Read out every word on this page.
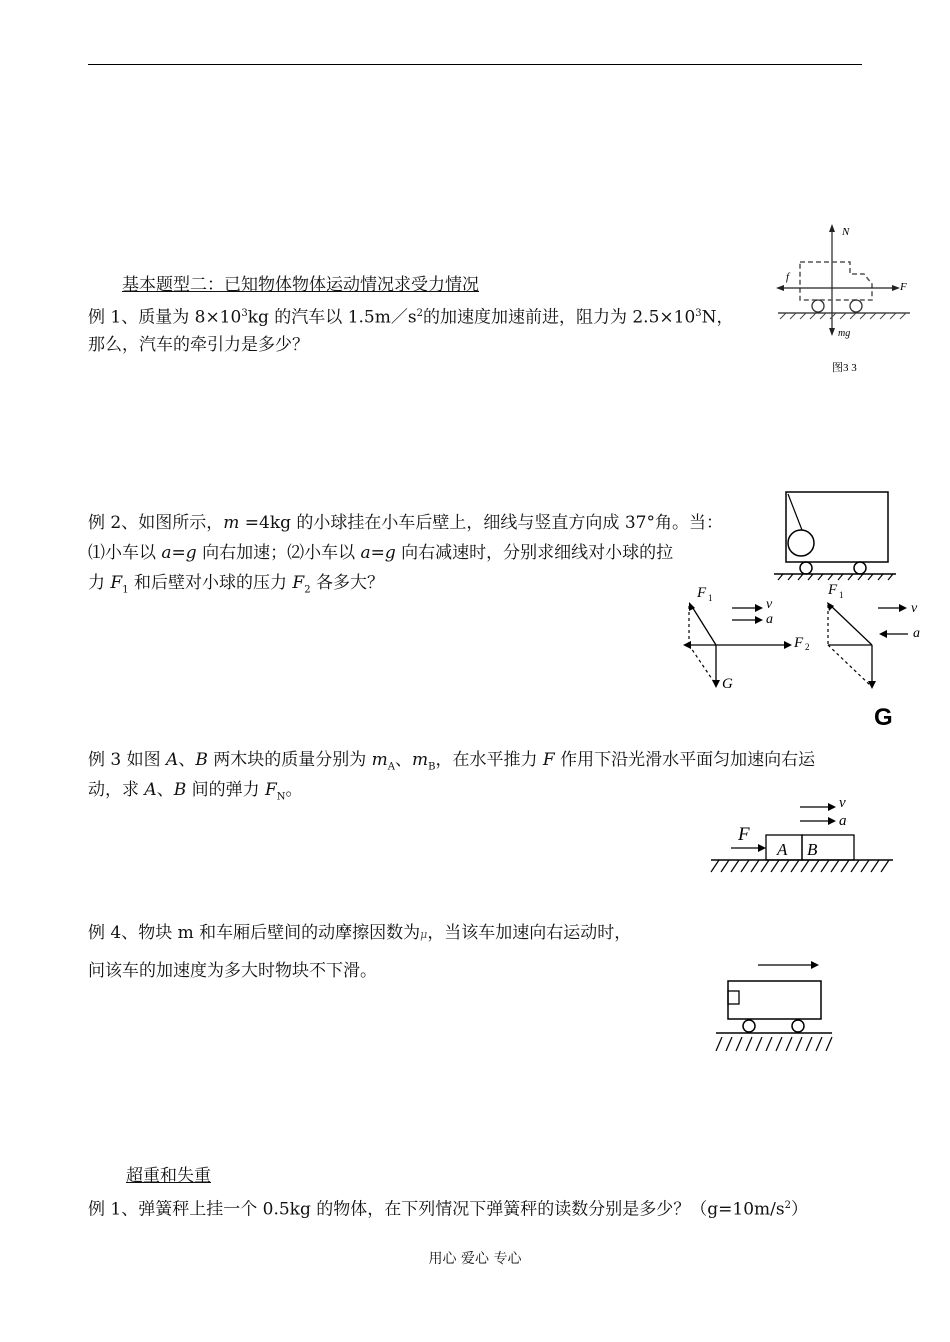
基本题型二：已知物体物体运动情况求受力情况
例 1、质量为 $8\times 10^3kg$ 的汽车以 $1.5m/s^2$的加速度加速前进，阻力为 $2.5\times 10^3N$，
那么，汽车的牵引力是多少？
N
f
F
mg
图3 3
例 2、如图所示，m =4kg 的小球挂在小车后壁上，细线与竖直方向成 37°角。当：
⑴小车以 a=g 向右加速；⑵小车以 a=g 向右减速时，分别求细线对小球的拉
力 $F_1$ 和后壁对小球的压力 $F_2$ 各多大？	F 1
F 2
G
v
a
F 1
v
a
G
例 3 如图 A、B 两木块的质量分别为 $m_A$、$m_B$，在水平推力 F 作用下沿光滑水平面匀加速向右运
动，求 A、B 间的弹力 $F_N$。
v
a
F
A B
例 4、物块 m 和车厢后壁间的动摩擦因数为μ，当该车加速向右运动时，
问该车的加速度为多大时物块不下滑。
超重和失重
例 1、弹簧秤上挂一个 0.5kg 的物体，在下列情况下弹簧秤的读数分别是多少？$(g=10m/s^2)$
用心 爱心 专心
